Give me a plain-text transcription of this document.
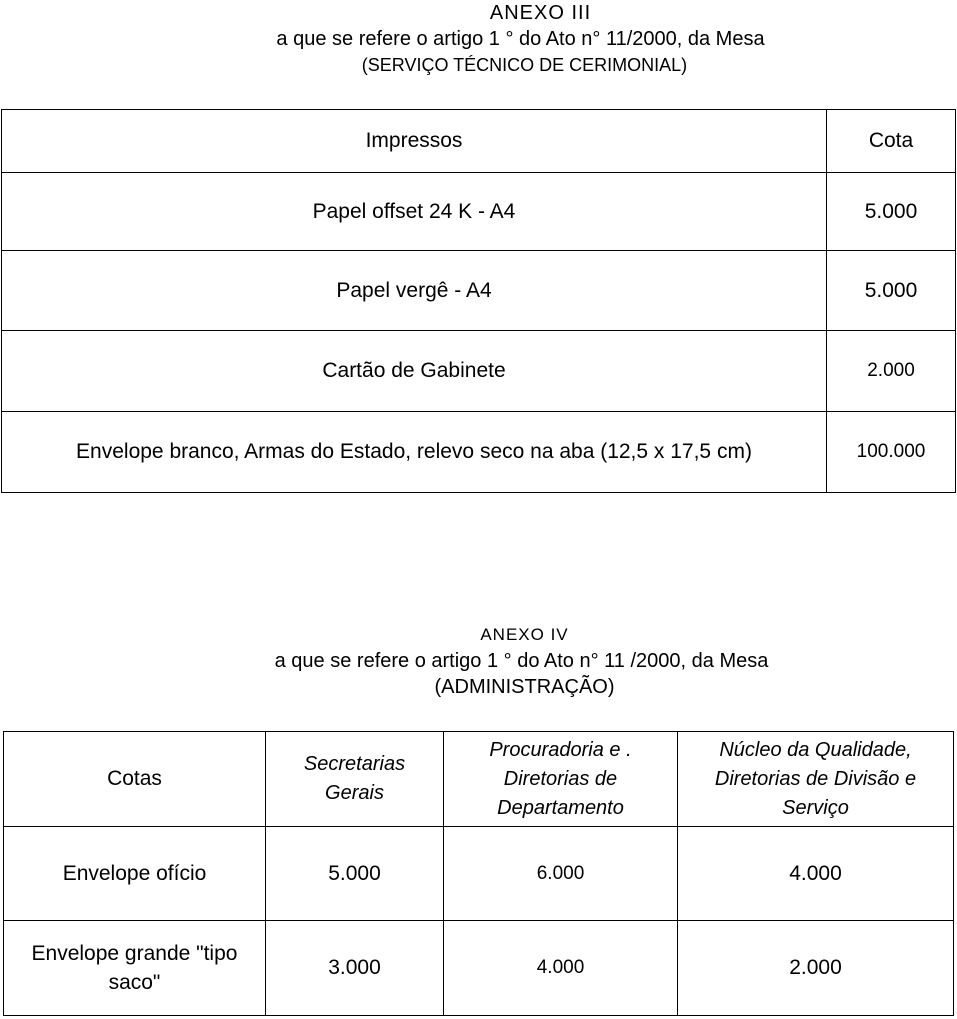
ANEXO III
a que se refere o artigo 1 ° do Ato n° 11/2000, da Mesa
(SERVIÇO TÉCNICO DE CERIMONIAL)
Impressos	Cota
Papel offset 24 K - A4	5.000
Papel vergê - A4	5.000
Cartão de Gabinete	2.000
Envelope branco, Armas do Estado, relevo seco na aba (12,5 x 17,5 cm)	100.000
ANEXO IV
a que se refere o artigo 1 ° do Ato n° 11 /2000, da Mesa
(ADMINISTRAÇÃO)
Cotas	Secretarias Gerais	Procuradoria e . Diretorias de Departamento	Núcleo da Qualidade, Diretorias de Divisão e Serviço
Envelope ofício	5.000	6.000	4.000
Envelope grande "tipo saco"	3.000	4.000	2.000
